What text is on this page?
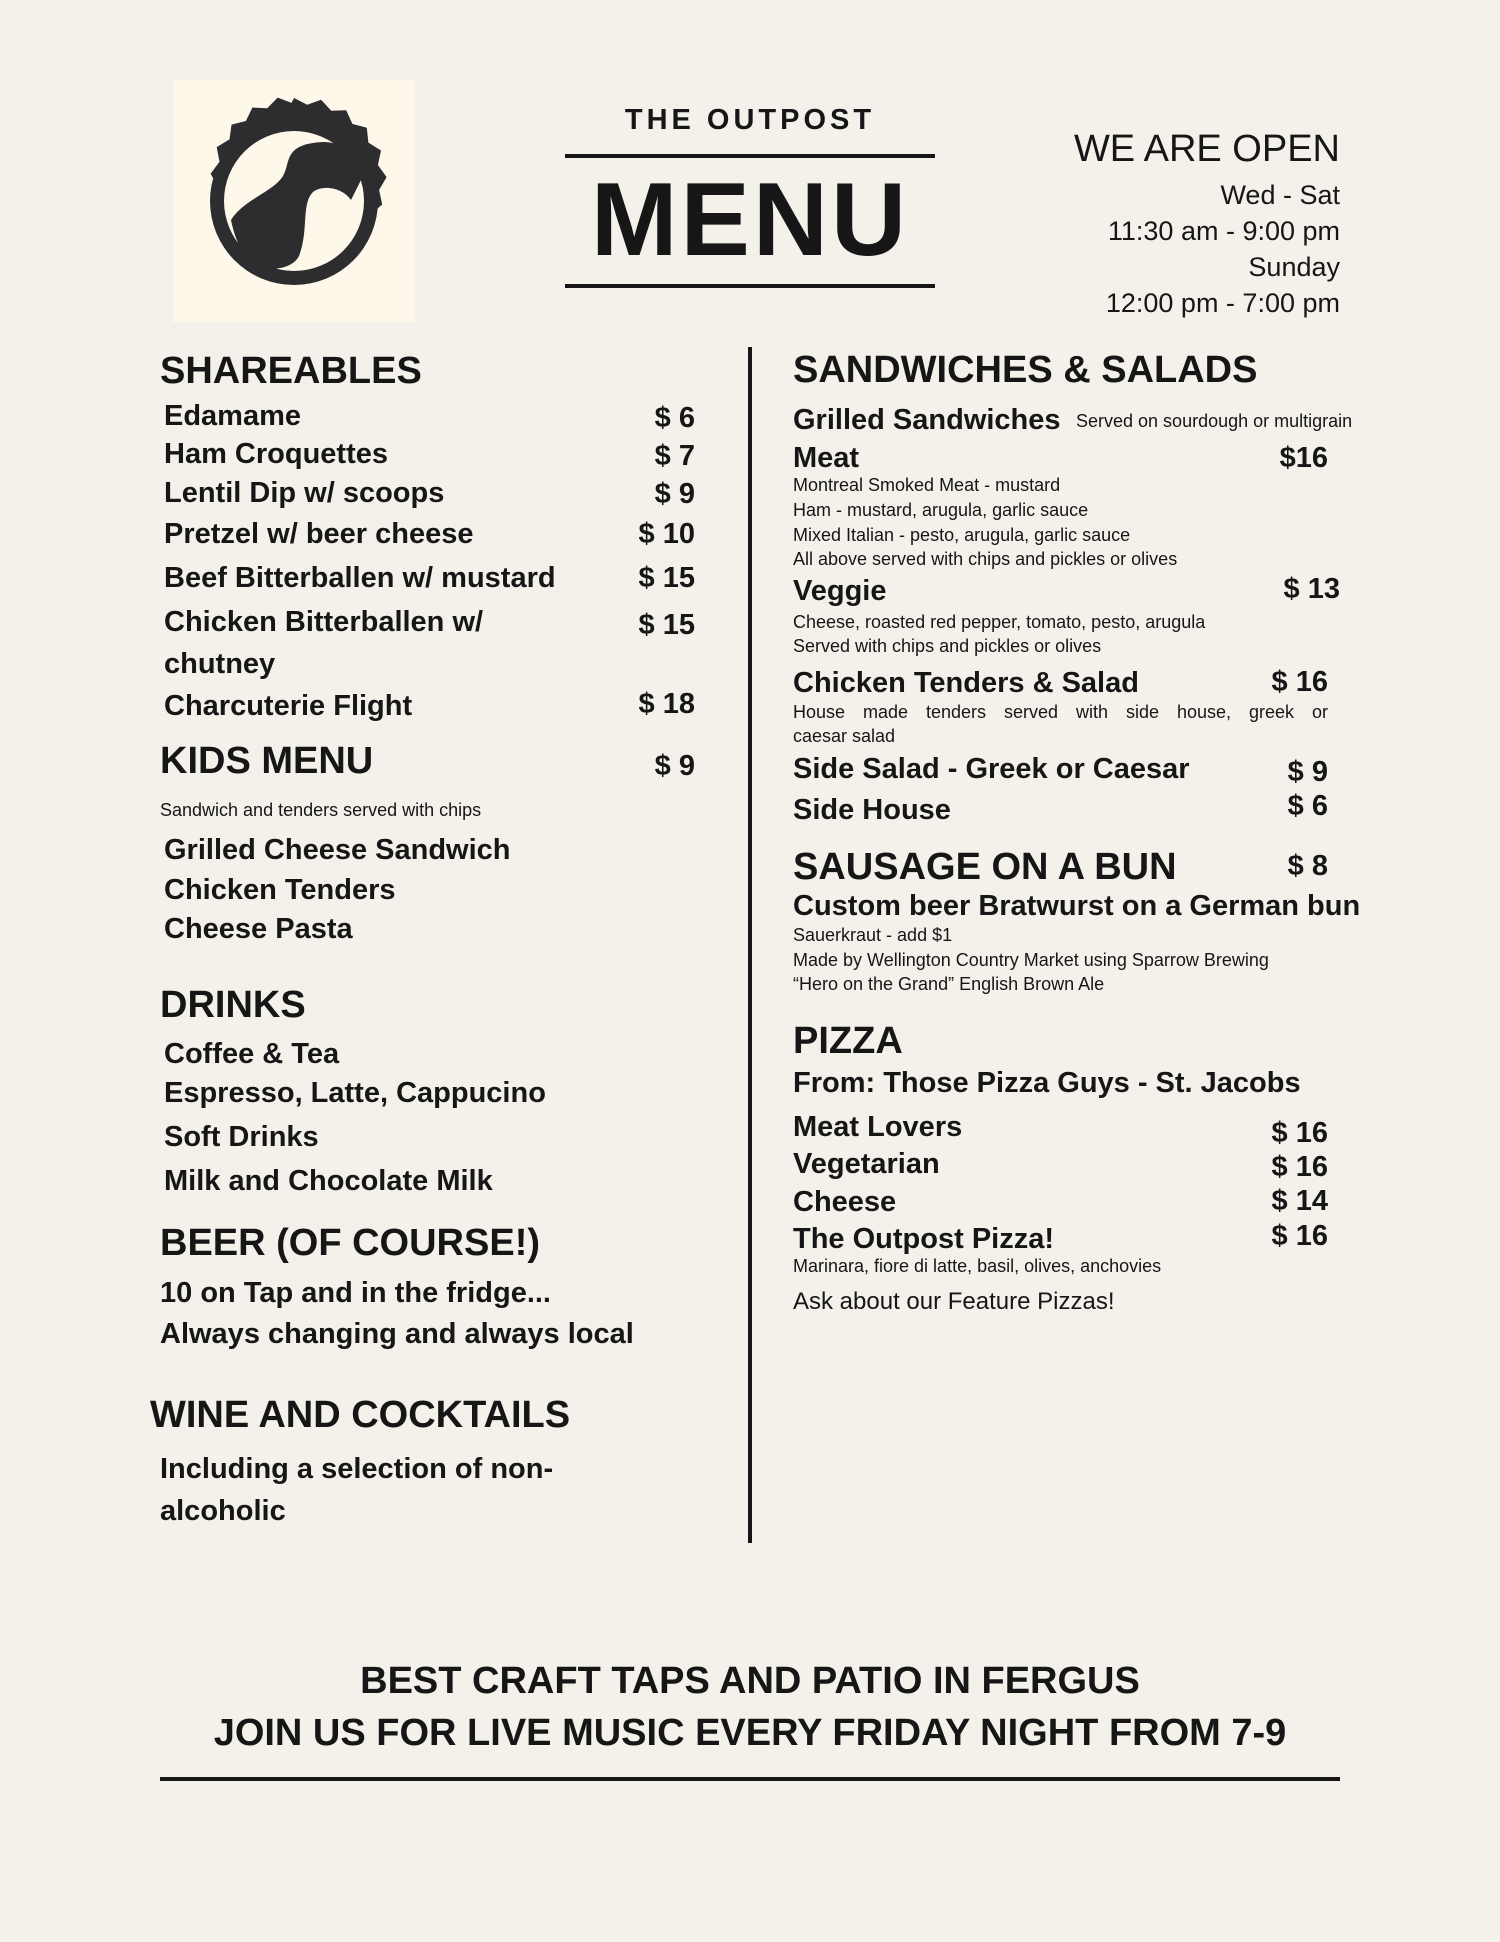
THE OUTPOST
MENU
WE ARE OPEN
Wed - Sat
11:30 am - 9:00 pm
Sunday
12:00 pm - 7:00 pm
SHAREABLES
Edamame	$ 6
Ham Croquettes	$ 7
Lentil Dip w/ scoops	$ 9
Pretzel w/ beer cheese	$ 10
Beef Bitterballen w/ mustard	$ 15
Chicken Bitterballen w/
chutney
$ 15
Charcuterie Flight	$ 18
KIDS MENU	$ 9
Sandwich and tenders served with chips
Grilled Cheese Sandwich
Chicken Tenders
Cheese Pasta
DRINKS
Coffee & Tea
Espresso, Latte, Cappucino
Soft Drinks
Milk and Chocolate Milk
BEER (OF COURSE!)
10 on Tap and in the fridge...
Always changing and always local
WINE AND COCKTAILS
Including a selection of non-
alcoholic
SANDWICHES & SALADS
Grilled Sandwiches Served on sourdough or multigrain
Meat	$16
Montreal Smoked Meat - mustard
Ham - mustard, arugula, garlic sauce
Mixed Italian - pesto, arugula, garlic sauce
All above served with chips and pickles or olives
Veggie	$ 13
Cheese, roasted red pepper, tomato, pesto, arugula
Served with chips and pickles or olives
Chicken Tenders & Salad	$ 16
House made tenders served with side house, greek or
caesar salad
Side Salad - Greek or Caesar	$ 9
Side House	$ 6
SAUSAGE ON A BUN	$ 8
Custom beer Bratwurst on a German bun
Sauerkraut - add $1
Made by Wellington Country Market using Sparrow Brewing
“Hero on the Grand” English Brown Ale
PIZZA
From: Those Pizza Guys - St. Jacobs
Meat Lovers	$ 16
Vegetarian	$ 16
Cheese	$ 14
The Outpost Pizza!	$ 16
Marinara, fiore di latte, basil, olives, anchovies
Ask about our Feature Pizzas!
BEST CRAFT TAPS AND PATIO IN FERGUS
JOIN US FOR LIVE MUSIC EVERY FRIDAY NIGHT FROM 7-9
